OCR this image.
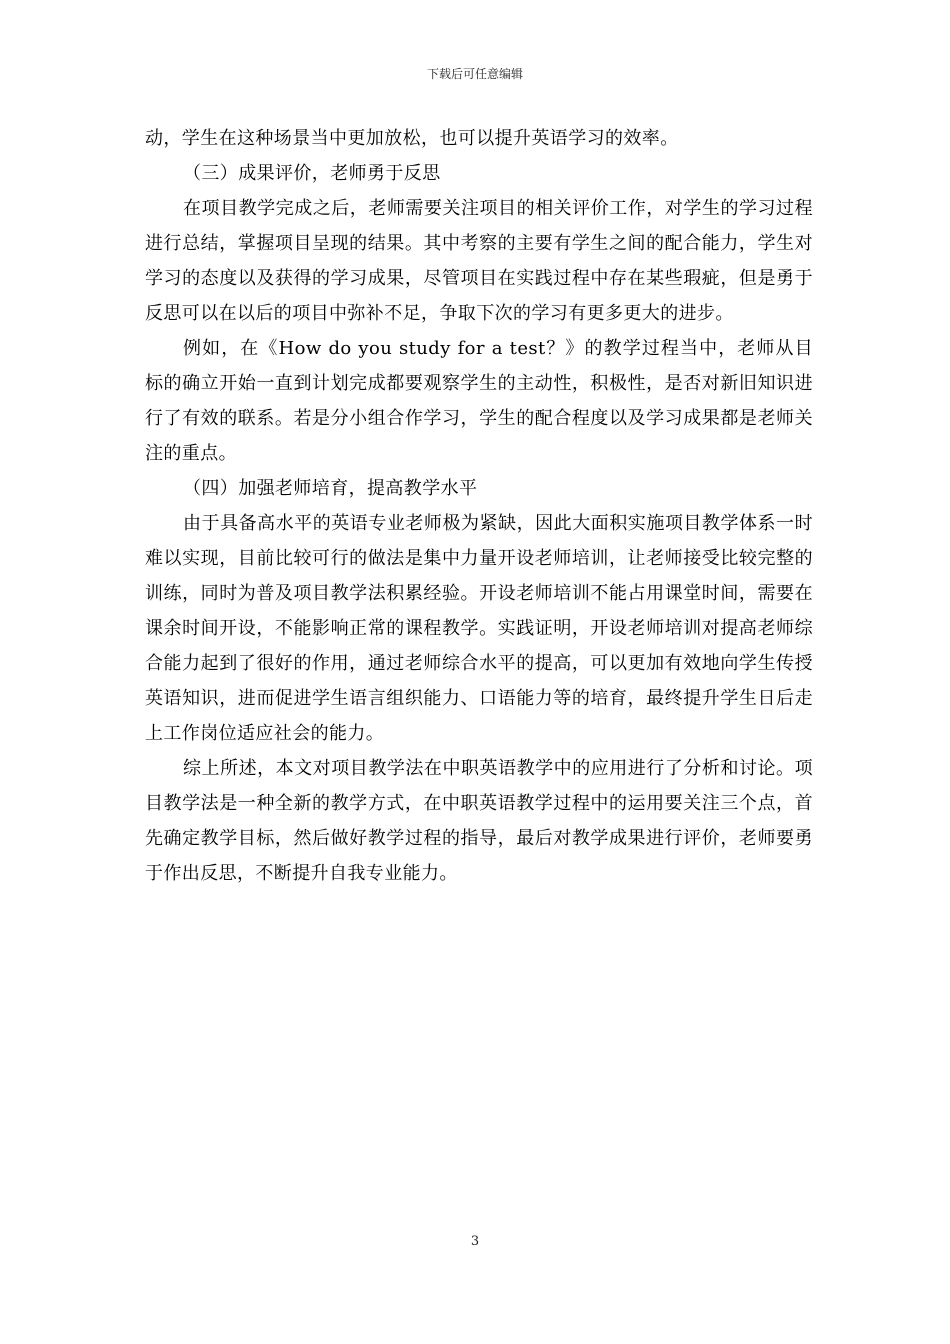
下载后可任意编辑

动，学生在这种场景当中更加放松，也可以提升英语学习的效率。

（三）成果评价，老师勇于反思

在项目教学完成之后，老师需要关注项目的相关评价工作，对学生的学习过程进行总结，掌握项目呈现的结果。其中考察的主要有学生之间的配合能力，学生对学习的态度以及获得的学习成果，尽管项目在实践过程中存在某些瑕疵，但是勇于反思可以在以后的项目中弥补不足，争取下次的学习有更多更大的进步。

例如，在《How do you study for a test？》的教学过程当中，老师从目标的确立开始一直到计划完成都要观察学生的主动性，积极性，是否对新旧知识进行了有效的联系。若是分小组合作学习，学生的配合程度以及学习成果都是老师关注的重点。

（四）加强老师培育，提高教学水平

由于具备高水平的英语专业老师极为紧缺，因此大面积实施项目教学体系一时难以实现，目前比较可行的做法是集中力量开设老师培训，让老师接受比较完整的训练，同时为普及项目教学法积累经验。开设老师培训不能占用课堂时间，需要在课余时间开设，不能影响正常的课程教学。实践证明，开设老师培训对提高老师综合能力起到了很好的作用，通过老师综合水平的提高，可以更加有效地向学生传授英语知识，进而促进学生语言组织能力、口语能力等的培育，最终提升学生日后走上工作岗位适应社会的能力。

综上所述，本文对项目教学法在中职英语教学中的应用进行了分析和讨论。项目教学法是一种全新的教学方式，在中职英语教学过程中的运用要关注三个点，首先确定教学目标，然后做好教学过程的指导，最后对教学成果进行评价，老师要勇于作出反思，不断提升自我专业能力。

3
